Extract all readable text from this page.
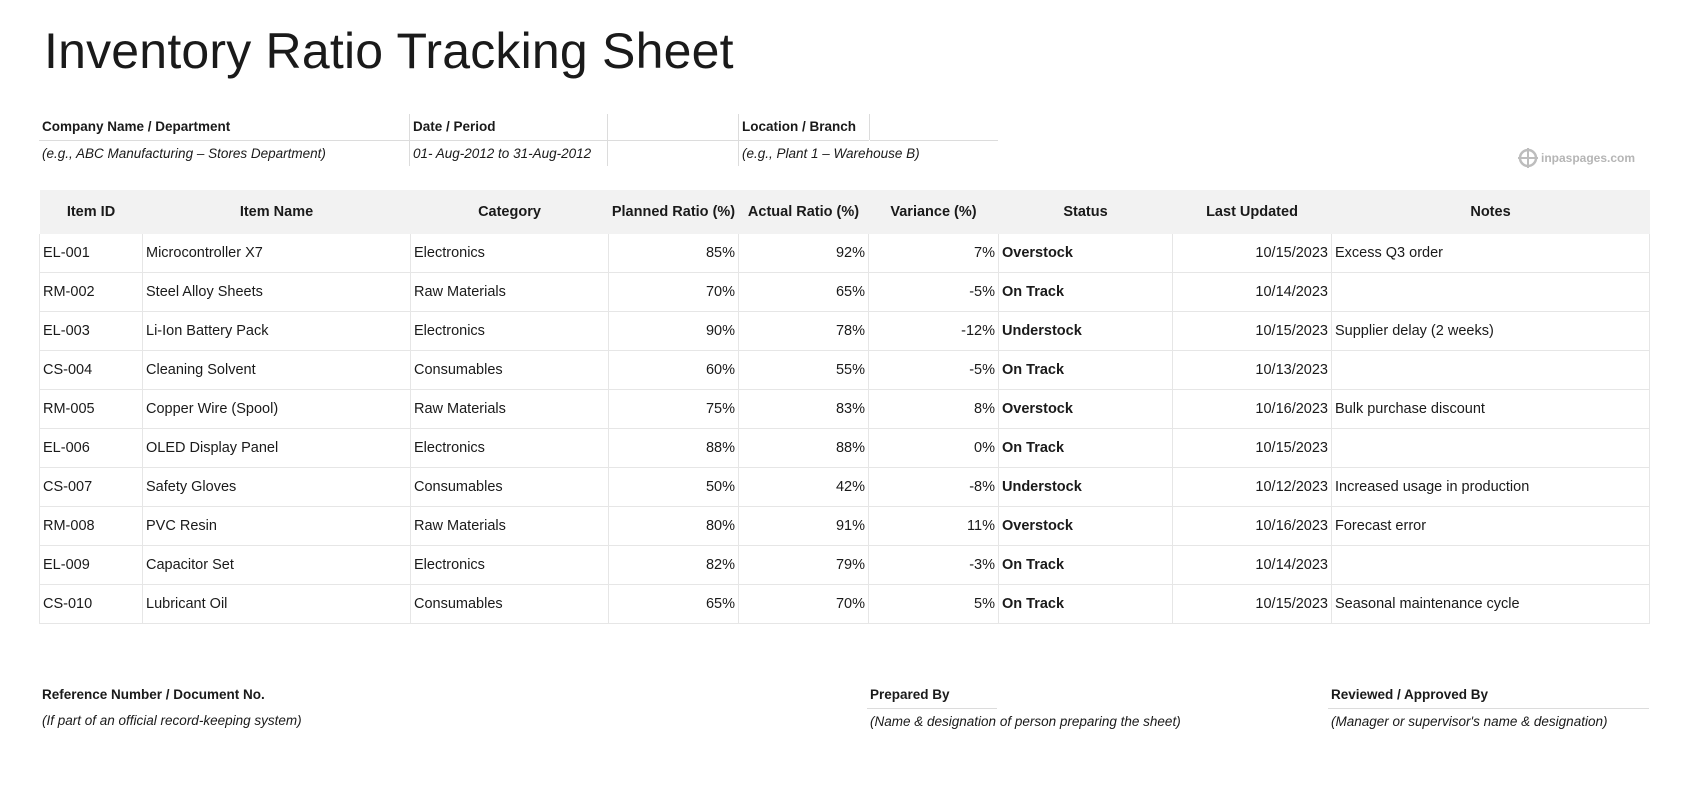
Inventory Ratio Tracking Sheet
Company Name / Department
(e.g., ABC Manufacturing – Stores Department)
Date / Period
01- Aug-2012 to 31-Aug-2012
Location / Branch
(e.g., Plant 1 – Warehouse B)	inpaspages.com
Item ID	Item Name	Category	Planned Ratio (%)	Actual Ratio (%)	Variance (%)	Status	Last Updated	Notes
EL-001	Microcontroller X7	Electronics	85%	92%	7%	Overstock	10/15/2023	Excess Q3 order
RM-002	Steel Alloy Sheets	Raw Materials	70%	65%	-5%	On Track	10/14/2023	
EL-003	Li-Ion Battery Pack	Electronics	90%	78%	-12%	Understock	10/15/2023	Supplier delay (2 weeks)
CS-004	Cleaning Solvent	Consumables	60%	55%	-5%	On Track	10/13/2023	
RM-005	Copper Wire (Spool)	Raw Materials	75%	83%	8%	Overstock	10/16/2023	Bulk purchase discount
EL-006	OLED Display Panel	Electronics	88%	88%	0%	On Track	10/15/2023	
CS-007	Safety Gloves	Consumables	50%	42%	-8%	Understock	10/12/2023	Increased usage in production
RM-008	PVC Resin	Raw Materials	80%	91%	11%	Overstock	10/16/2023	Forecast error
EL-009	Capacitor Set	Electronics	82%	79%	-3%	On Track	10/14/2023	
CS-010	Lubricant Oil	Consumables	65%	70%	5%	On Track	10/15/2023	Seasonal maintenance cycle
Reference Number / Document No.
(If part of an official record-keeping system)
Prepared By
(Name & designation of person preparing the sheet)
Reviewed / Approved By
(Manager or supervisor's name & designation)
